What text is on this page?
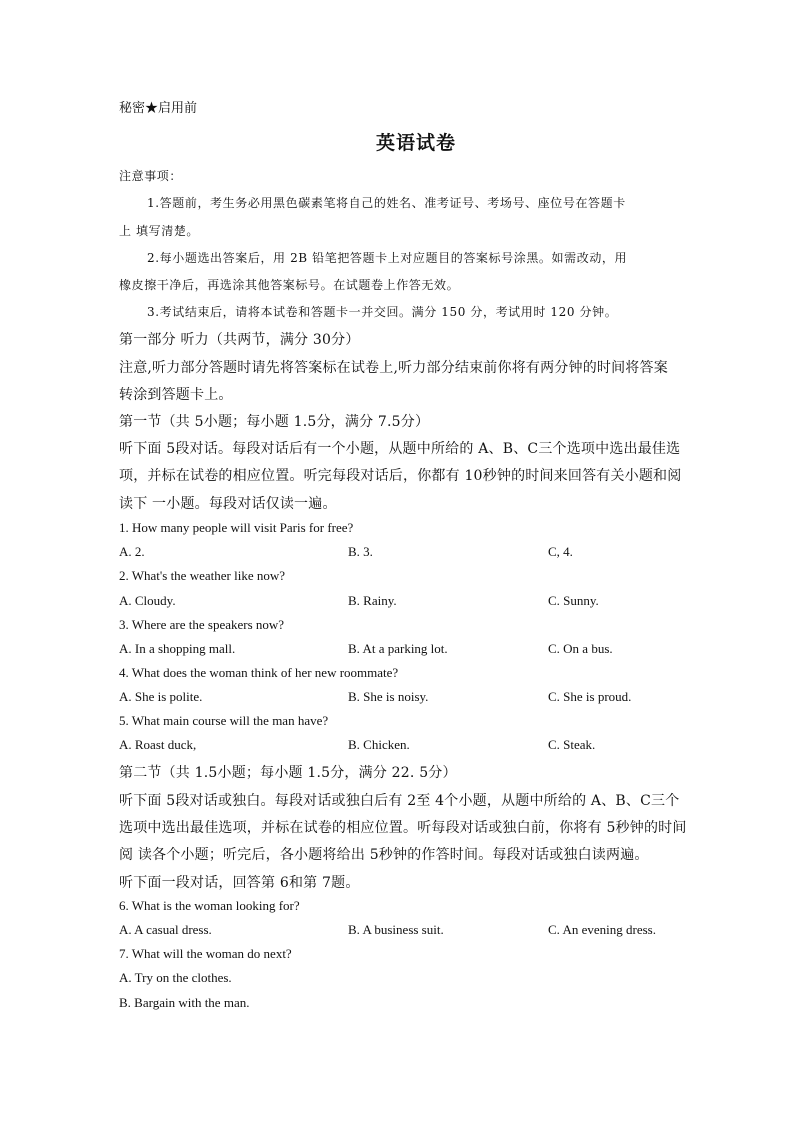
秘密★启用前
英语试卷
注意事项：
1.答题前，考生务必用黑色碳素笔将自己的姓名、准考证号、考场号、座位号在答题卡
上 填写清楚。
2.每小题选出答案后，用 2B 铅笔把答题卡上对应题目的答案标号涂黑。如需改动，用
橡皮擦干净后，再选涂其他答案标号。在试题卷上作答无效。
3.考试结束后，请将本试卷和答题卡一并交回。满分 150 分，考试用时 120 分钟。
第一部分 听力（共两节，满分 30分）
注意,听力部分答题时请先将答案标在试卷上,听力部分结束前你将有两分钟的时间将答案
转涂到答题卡上。
第一节（共 5小题；每小题 1.5分，满分 7.5分）
听下面 5段对话。每段对话后有一个小题，从题中所给的 A、B、C三个选项中选出最佳选
项，并标在试卷的相应位置。听完每段对话后，你都有 10秒钟的时间来回答有关小题和阅
读下 一小题。每段对话仅读一遍。
1. How many people will visit Paris for free?
A. 2.	B. 3.	C, 4.
2. What's the weather like now?
A. Cloudy.	B. Rainy.	C. Sunny.
3. Where are the speakers now?
A. In a shopping mall.	B. At a parking lot.	C. On a bus.
4. What does the woman think of her new roommate?
A. She is polite.	B. She is noisy.	C. She is proud.
5. What main course will the man have?
A. Roast duck,	B. Chicken.	C. Steak.
第二节（共 1.5小题；每小题 1.5分，满分 22. 5分）
听下面 5段对话或独白。每段对话或独白后有 2至 4个小题，从题中所给的 A、B、C三个
选项中选出最佳选项，并标在试卷的相应位置。听每段对话或独白前，你将有 5秒钟的时间
阅 读各个小题；听完后，各小题将给出 5秒钟的作答时间。每段对话或独白读两遍。
听下面一段对话，回答第 6和第 7题。
6. What is the woman looking for?
A. A casual dress.	B. A business suit.	C. An evening dress.
7. What will the woman do next?
A. Try on the clothes.
B. Bargain with the man.
